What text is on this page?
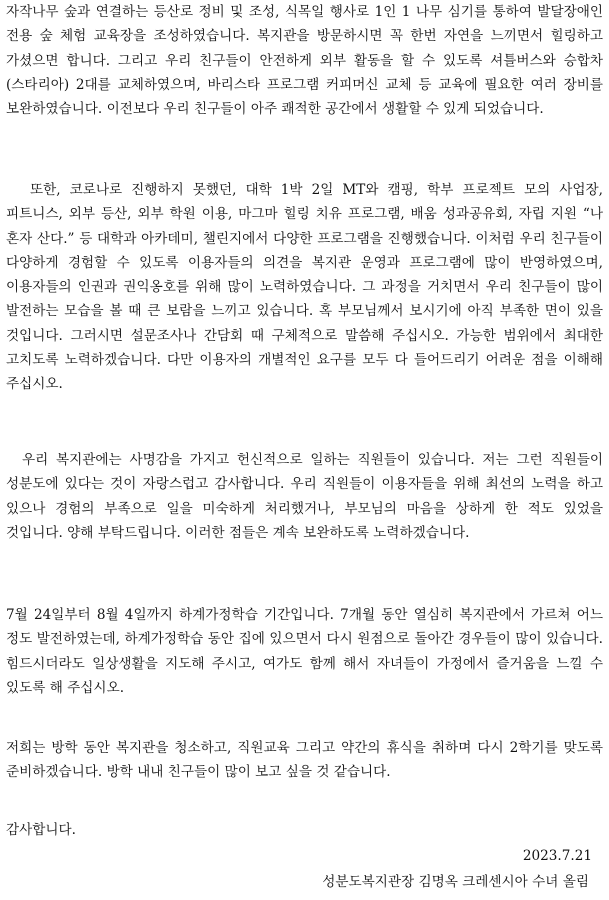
자작나무 숲과 연결하는 등산로 정비 및 조성, 식목일 행사로 1인 1 나무 심기를 통하여 발달장애인 전용 숲 체험 교육장을 조성하였습니다. 복지관을 방문하시면 꼭 한번 자연을 느끼면서 힐링하고 가셨으면 합니다. 그리고 우리 친구들이 안전하게 외부 활동을 할 수 있도록 셔틀버스와 승합차(스타리아) 2대를 교체하였으며, 바리스타 프로그램 커피머신 교체 등 교육에 필요한 여러 장비를 보완하였습니다. 이전보다 우리 친구들이 아주 쾌적한 공간에서 생활할 수 있게 되었습니다.

또한, 코로나로 진행하지 못했던, 대학 1박 2일 MT와 캠핑, 학부 프로젝트 모의 사업장, 피트니스, 외부 등산, 외부 학원 이용, 마그마 힐링 치유 프로그램, 배움 성과공유회, 자립 지원 “나 혼자 산다.” 등 대학과 아카데미, 챌린지에서 다양한 프로그램을 진행했습니다. 이처럼 우리 친구들이 다양하게 경험할 수 있도록 이용자들의 의견을 복지관 운영과 프로그램에 많이 반영하였으며, 이용자들의 인권과 권익옹호를 위해 많이 노력하였습니다. 그 과정을 거치면서 우리 친구들이 많이 발전하는 모습을 볼 때 큰 보람을 느끼고 있습니다. 혹 부모님께서 보시기에 아직 부족한 면이 있을 것입니다. 그러시면 설문조사나 간담회 때 구체적으로 말씀해 주십시오. 가능한 범위에서 최대한 고치도록 노력하겠습니다. 다만 이용자의 개별적인 요구를 모두 다 들어드리기 어려운 점을 이해해 주십시오.

우리 복지관에는 사명감을 가지고 헌신적으로 일하는 직원들이 있습니다. 저는 그런 직원들이 성분도에 있다는 것이 자랑스럽고 감사합니다. 우리 직원들이 이용자들을 위해 최선의 노력을 하고 있으나 경험의 부족으로 일을 미숙하게 처리했거나, 부모님의 마음을 상하게 한 적도 있었을 것입니다. 양해 부탁드립니다. 이러한 점들은 계속 보완하도록 노력하겠습니다.

7월 24일부터 8월 4일까지 하계가정학습 기간입니다. 7개월 동안 열심히 복지관에서 가르쳐 어느 정도 발전하였는데, 하계가정학습 동안 집에 있으면서 다시 원점으로 돌아간 경우들이 많이 있습니다. 힘드시더라도 일상생활을 지도해 주시고, 여가도 함께 해서 자녀들이 가정에서 즐거움을 느낄 수 있도록 해 주십시오.

저희는 방학 동안 복지관을 청소하고, 직원교육 그리고 약간의 휴식을 취하며 다시 2학기를 맞도록 준비하겠습니다. 방학 내내 친구들이 많이 보고 싶을 것 같습니다.

감사합니다.

2023.7.21

성분도복지관장 김명옥 크레센시아 수녀 올림
